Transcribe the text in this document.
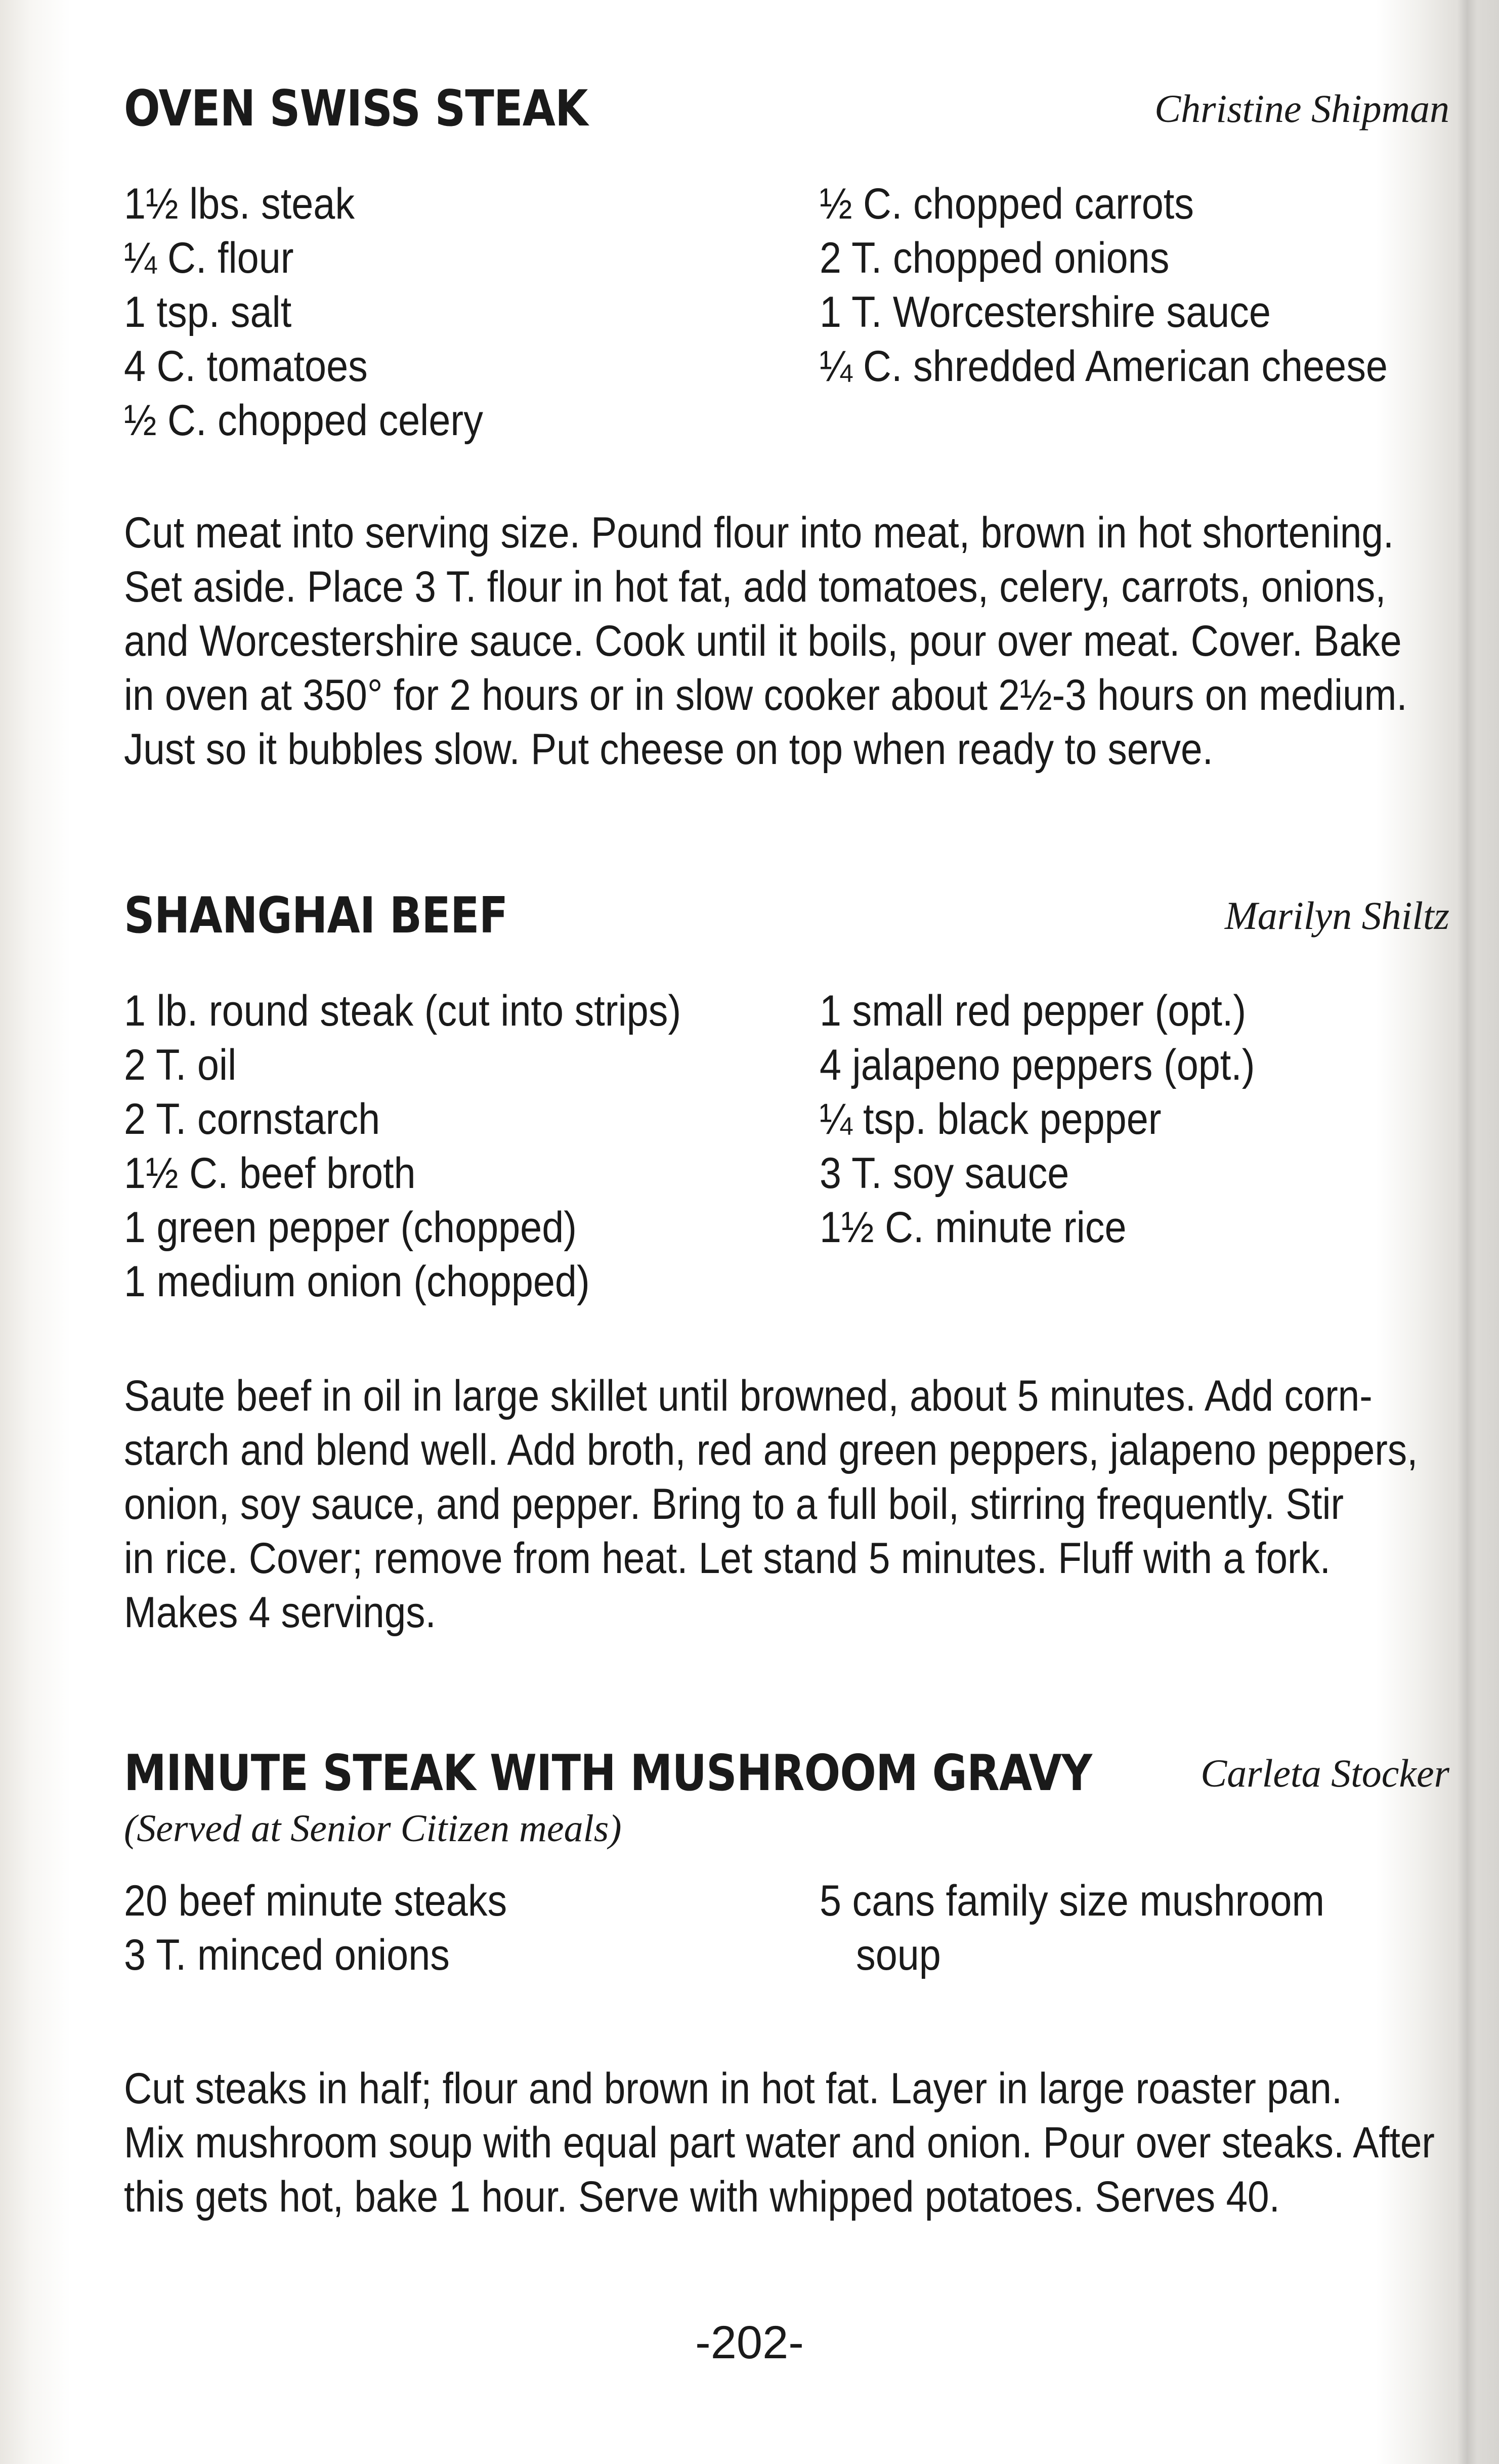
OVEN SWISS STEAK	Christine Shipman
1½ lbs. steak
¼ C. flour
1 tsp. salt
4 C. tomatoes
½ C. chopped celery
½ C. chopped carrots
2 T. chopped onions
1 T. Worcestershire sauce
¼ C. shredded American cheese
Cut meat into serving size. Pound flour into meat, brown in hot shortening.
Set aside. Place 3 T. flour in hot fat, add tomatoes, celery, carrots, onions,
and Worcestershire sauce. Cook until it boils, pour over meat. Cover. Bake
in oven at 350° for 2 hours or in slow cooker about 2½-3 hours on medium.
Just so it bubbles slow. Put cheese on top when ready to serve.
SHANGHAI BEEF	Marilyn Shiltz
1 lb. round steak (cut into strips)
2 T. oil
2 T. cornstarch
1½ C. beef broth
1 green pepper (chopped)
1 medium onion (chopped)
1 small red pepper (opt.)
4 jalapeno peppers (opt.)
¼ tsp. black pepper
3 T. soy sauce
1½ C. minute rice
Saute beef in oil in large skillet until browned, about 5 minutes. Add corn-
starch and blend well. Add broth, red and green peppers, jalapeno peppers,
onion, soy sauce, and pepper. Bring to a full boil, stirring frequently. Stir
in rice. Cover; remove from heat. Let stand 5 minutes. Fluff with a fork.
Makes 4 servings.
MINUTE STEAK WITH MUSHROOM GRAVY	Carleta Stocker
(Served at Senior Citizen meals)
20 beef minute steaks
3 T. minced onions
5 cans family size mushroom
soup
Cut steaks in half; flour and brown in hot fat. Layer in large roaster pan.
Mix mushroom soup with equal part water and onion. Pour over steaks. After
this gets hot, bake 1 hour. Serve with whipped potatoes. Serves 40.
-202-
